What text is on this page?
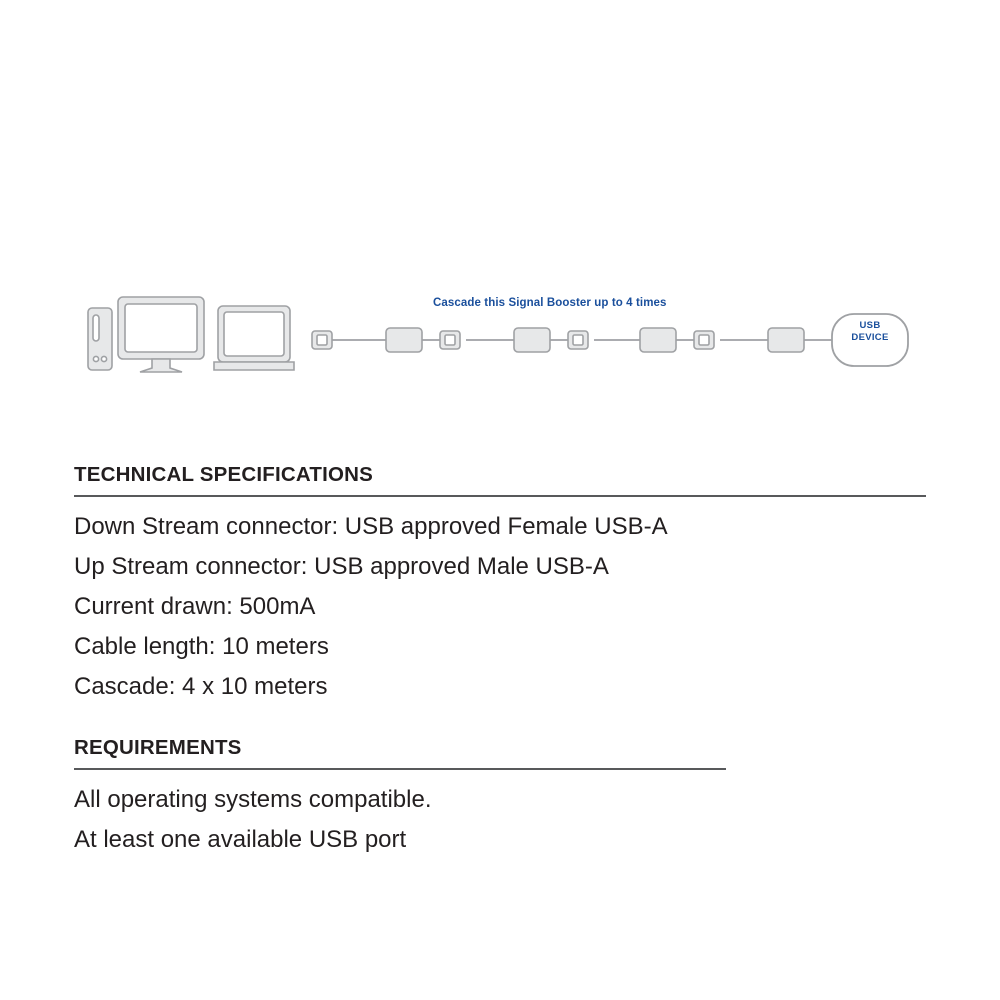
Cascade this Signal Booster up to 4 times
USB
DEVICE
TECHNICAL SPECIFICATIONS
Down Stream connector: USB approved Female USB-A
Up Stream connector: USB approved Male USB-A
Current drawn: 500mA
Cable length: 10 meters
Cascade: 4 x 10 meters
REQUIREMENTS
All operating systems compatible.
At least one available USB port
